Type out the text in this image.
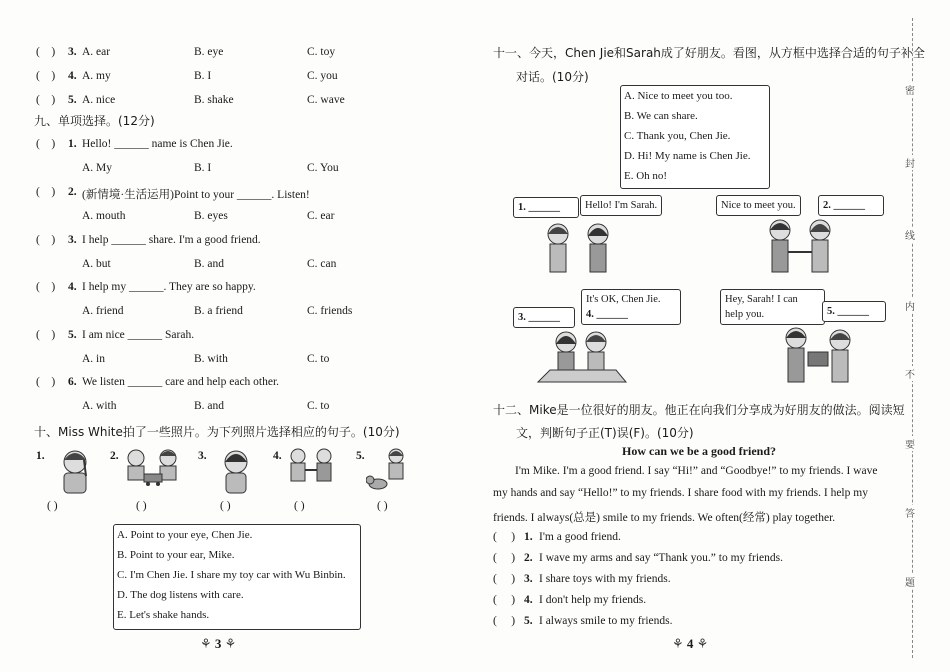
(    ) 3. A. ear	B. eye	C. toy
(    ) 4. A. my	B. I	C. you
(    ) 5. A. nice	B. shake	C. wave
九、单项选择。(12分)
(    ) 1. Hello! ______ name is Chen Jie.
A. My	B. I	C. You
(    ) 2. (新情境·生活运用)Point to your ______. Listen!
A. mouth	B. eyes	C. ear
(    ) 3. I help ______ share. I'm a good friend.
A. but	B. and	C. can
(    ) 4. I help my ______. They are so happy.
A. friend	B. a friend	C. friends
(    ) 5. I am nice ______ Sarah.
A. in	B. with	C. to
(    ) 6. We listen ______ care and help each other.
A. with	B. and	C. to
十、Miss White拍了一些照片。为下列照片选择相应的句子。(10分)
1.	2.	3.	4.	5.
( )	( )	( )	( )	( )
A. Point to your eye, Chen Jie.
B. Point to your ear, Mike.
C. I'm Chen Jie. I share my toy car with Wu Binbin.
D. The dog listens with care.
E. Let's shake hands.
⚘ 3 ⚘
十一、今天，Chen Jie和Sarah成了好朋友。看图，从方框中选择合适的句子补全
对话。(10分)
A. Nice to meet you too.
B. We can share.
C. Thank you, Chen Jie.
D. Hi! My name is Chen Jie.
E. Oh no!
1. ______	Hello! I'm Sarah.	Nice to meet you.	2. ______
3. ______
It's OK, Chen Jie.
4. ______
Hey, Sarah! I can
help you.	5. ______
十二、Mike是一位很好的朋友。他正在向我们分享成为好朋友的做法。阅读短
文，判断句子正(T)误(F)。(10分)
How can we be a good friend?
I'm Mike. I'm a good friend. I say “Hi!” and “Goodbye!” to my friends. I wave
my hands and say “Hello!” to my friends. I share food with my friends. I help my
friends. I always(总是) smile to my friends. We often(经常) play together.
(     ) 1. I'm a good friend.
(     ) 2. I wave my arms and say “Thank you.” to my friends.
(     ) 3. I share toys with my friends.
(     ) 4. I don't help my friends.
(     ) 5. I always smile to my friends.
⚘ 4 ⚘
密
封
线
内
不
要
答
题
